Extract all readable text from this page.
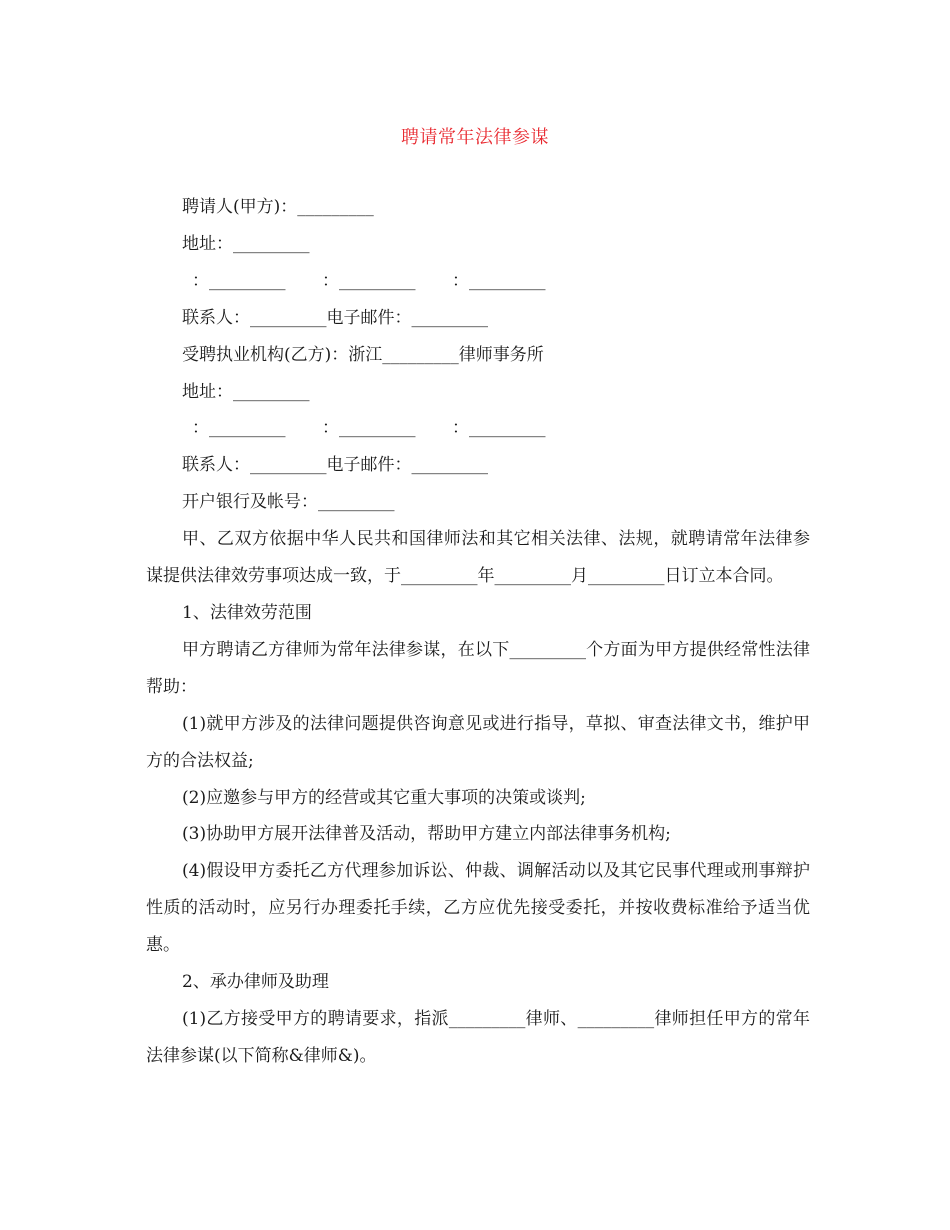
聘请常年法律参谋
聘请人(甲方)：_________
地址：_________
：_________ ：_________ ：_________
联系人：_________电子邮件：_________
受聘执业机构(乙方)：浙江_________律师事务所
地址：_________
：_________ ：_________ ：_________
联系人：_________电子邮件：_________
开户银行及帐号：_________
甲、乙双方依据中华人民共和国律师法和其它相关法律、法规，就聘请常年法律参谋提供法律效劳事项达成一致，于_________年_________月_________日订立本合同。
1、法律效劳范围
甲方聘请乙方律师为常年法律参谋，在以下_________个方面为甲方提供经常性法律帮助：
(1)就甲方涉及的法律问题提供咨询意见或进行指导，草拟、审查法律文书，维护甲方的合法权益;
(2)应邀参与甲方的经营或其它重大事项的决策或谈判;
(3)协助甲方展开法律普及活动，帮助甲方建立内部法律事务机构;
(4)假设甲方委托乙方代理参加诉讼、仲裁、调解活动以及其它民事代理或刑事辩护性质的活动时，应另行办理委托手续，乙方应优先接受委托，并按收费标准给予适当优惠。
2、承办律师及助理
(1)乙方接受甲方的聘请要求，指派_________律师、_________律师担任甲方的常年法律参谋(以下简称&律师&)。
